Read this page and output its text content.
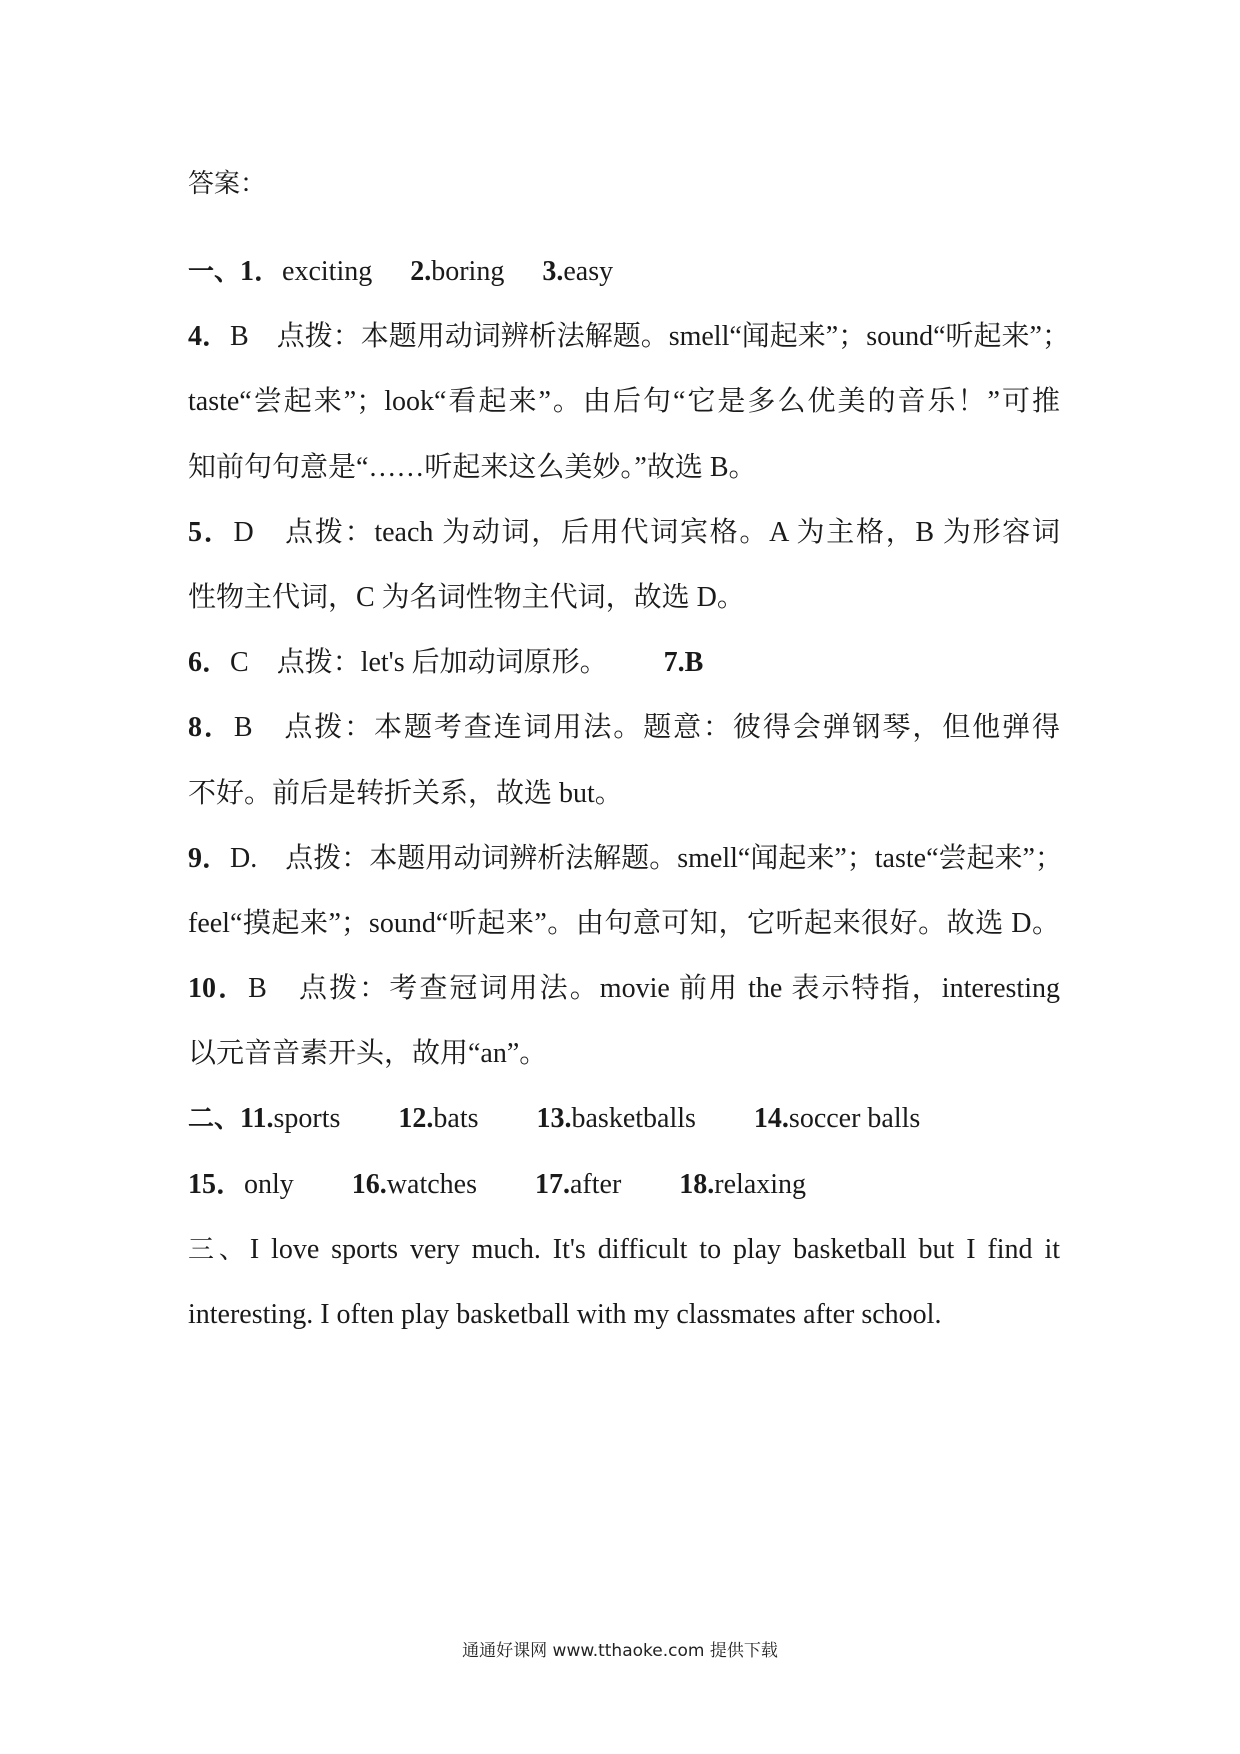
答案：
一、1．exciting 2.boring 3.easy
4．B　点拨：本题用动词辨析法解题。smell“闻起来”；sound“听起来”；
taste“尝起来”；look“看起来”。由后句“它是多么优美的音乐！”可推
知前句句意是“……听起来这么美妙。”故选 B。
5．D　点拨：teach 为动词，后用代词宾格。A 为主格，B 为形容词
性物主代词，C 为名词性物主代词，故选 D。
6．C　点拨：let's 后加动词原形。 7.B
8．B　点拨：本题考查连词用法。题意：彼得会弹钢琴，但他弹得
不好。前后是转折关系，故选 but。
9．D.　点拨：本题用动词辨析法解题。smell“闻起来”；taste“尝起来”；
feel“摸起来”；sound“听起来”。由句意可知，它听起来很好。故选 D。
10．B　点拨：考查冠词用法。movie 前用 the 表示特指，interesting
以元音音素开头，故用“an”。
二、11.sports 12.bats 13.basketballs 14.soccer balls
15．only 16.watches 17.after 18.relaxing
三、I love sports very much. It's difficult to play basketball but I find it
interesting. I often play basketball with my classmates after school.
通通好课网 www.tthaoke.com 提供下载
